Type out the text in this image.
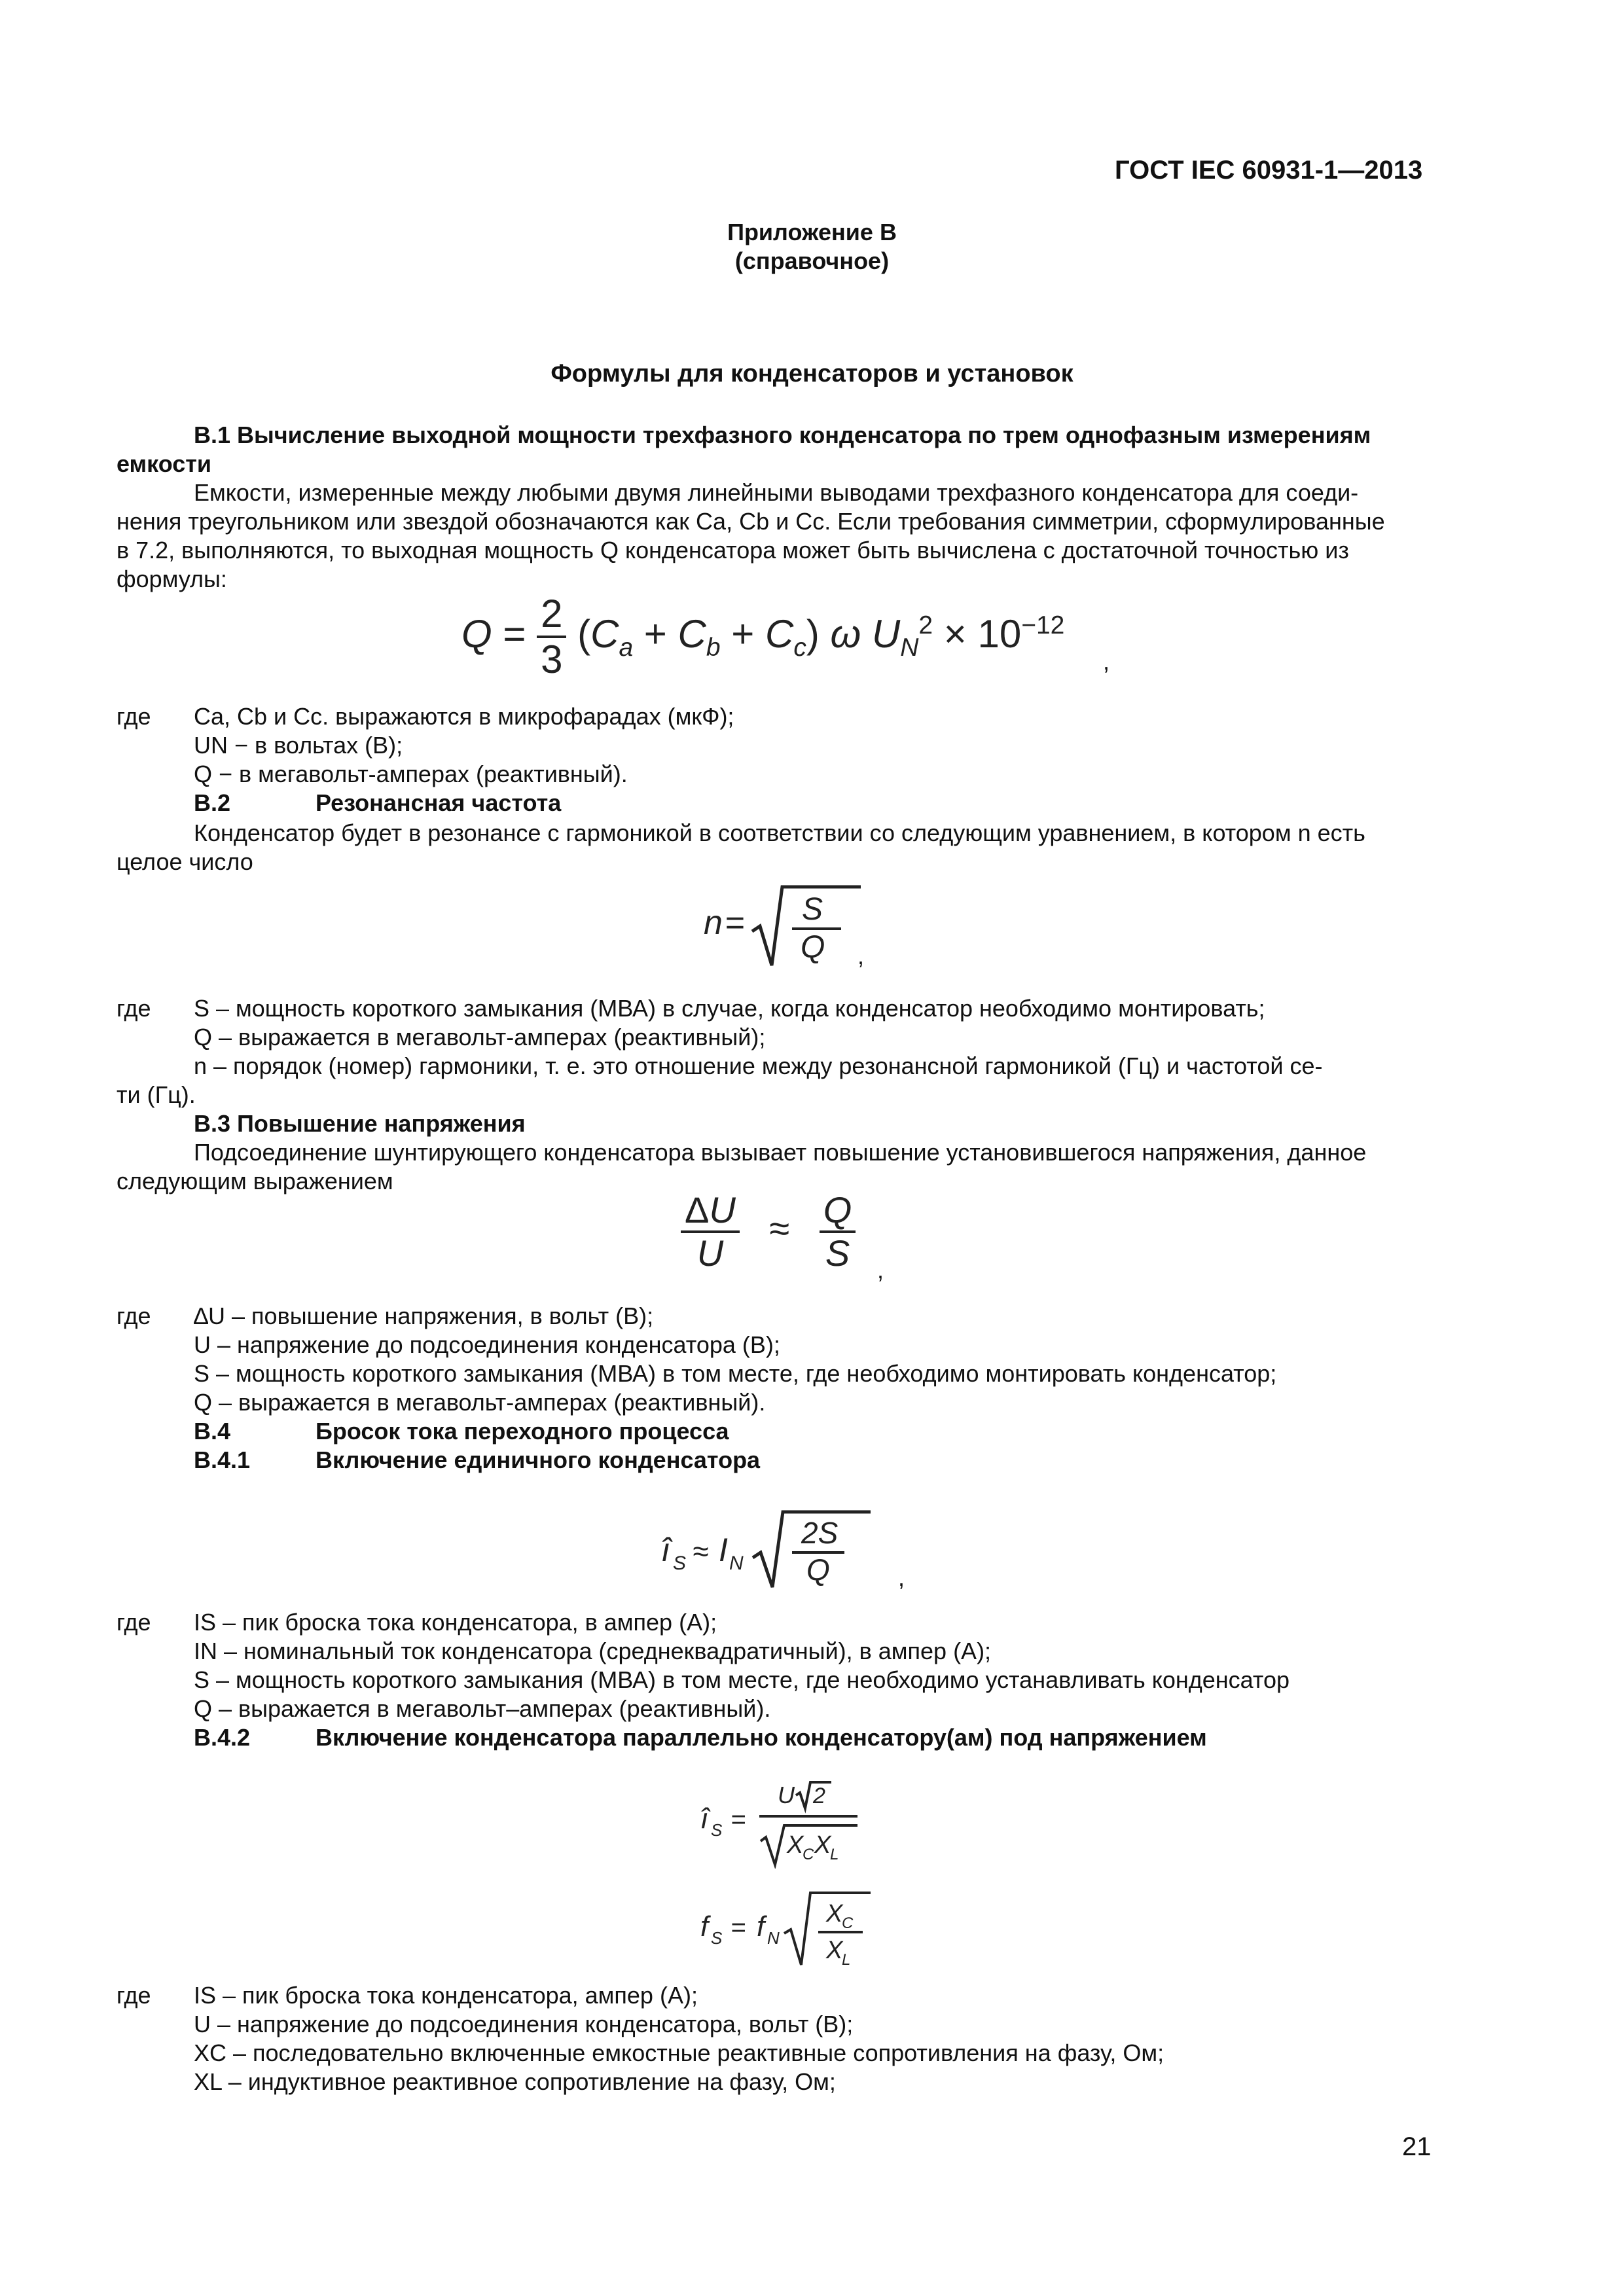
ГОСТ IEC 60931-1—2013
Приложение B
(справочное)
Формулы для конденсаторов и установок
В.1 Вычисление выходной мощности трехфазного конденсатора по трем однофазным измерениям
емкости
Емкости, измеренные между любыми двумя линейными выводами трехфазного конденсатора для соеди-
нения треугольником или звездой обозначаются как Ca, Cb и Cc. Если требования симметрии, сформулированные
в 7.2, выполняются, то выходная мощность Q конденсатора может быть вычислена с достаточной точностью из
формулы:
$Q = \frac{2}{3} (C_a + C_b + C_c)$ ω $U_N^2 \times 10^{-12}$
,
где Ca, Cb и Cc. выражаются в микрофарадах (мкФ);
UN − в вольтах (В);
Q − в мегавольт-амперах (реактивный).
В.2	Резонансная частота
Конденсатор будет в резонансе с гармоникой в соответствии со следующим уравнением, в котором n есть
целое число
n = S
Q ,
где S – мощность короткого замыкания (МВА) в случае, когда конденсатор необходимо монтировать;
Q – выражается в мегавольт-амперах (реактивный);
n – порядок (номер) гармоники, т. е. это отношение между резонансной гармоникой (Гц) и частотой се-
ти (Гц).
В.3 Повышение напряжения
Подсоединение шунтирующего конденсатора вызывает повышение установившегося напряжения, данное
следующим выражением
$\frac{\Delta U}{U} \approx \frac{Q}{S}$ ,
где ∆U – повышение напряжения, в вольт (В);
U – напряжение до подсоединения конденсатора (В);
S – мощность короткого замыкания (МВА) в том месте, где необходимо монтировать конденсатор;
Q – выражается в мегавольт-амперах (реактивный).
В.4	Бросок тока переходного процесса
В.4.1	Включение единичного конденсатора
î S ≈ I N
2S
Q	,
где IS – пик броска тока конденсатора, в ампер (А);
IN – номинальный ток конденсатора (среднеквадратичный), в ампер (А);
S – мощность короткого замыкания (МВА) в том месте, где необходимо устанавливать конденсатор
Q – выражается в мегавольт–амперах (реактивный).
В.4.2	Включение конденсатора параллельно конденсатору(ам) под напряжением
î S =
U 2
X
C X
L
f S = f N
X
C
X
L
где IS – пик броска тока конденсатора, ампер (А);
U – напряжение до подсоединения конденсатора, вольт (В);
XC – последовательно включенные емкостные реактивные сопротивления на фазу, Ом;
XL – индуктивное реактивное сопротивление на фазу, Ом;
21
